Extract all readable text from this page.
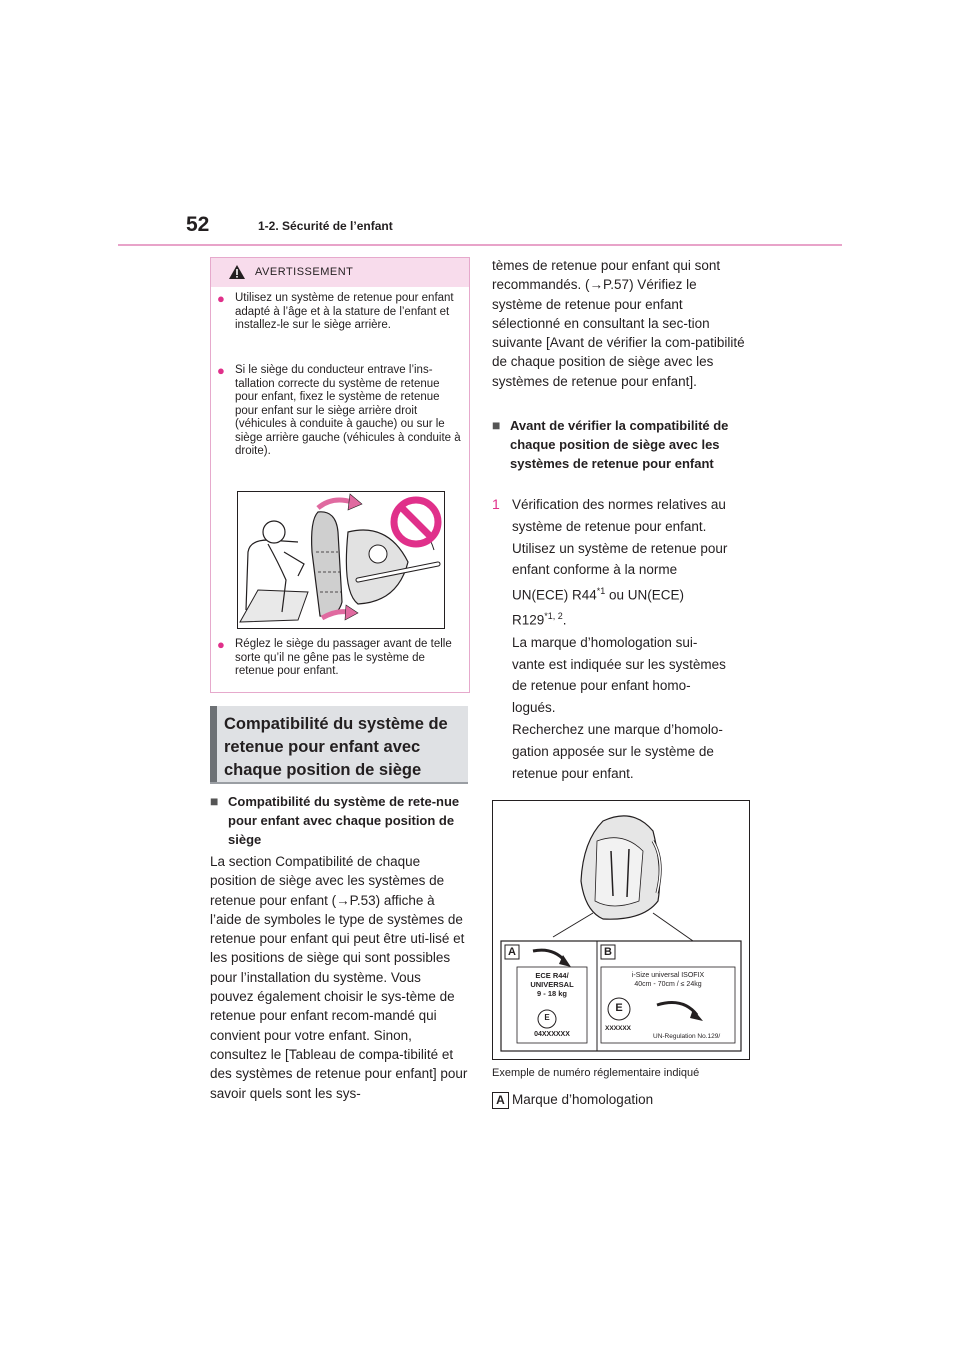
52	1-2. Sécurité de l’enfant
AVERTISSEMENT
● Utilisez un système de retenue pour enfant adapté à l’âge et à la stature de l’enfant et installez-le sur le siège arrière.
● Si le siège du conducteur entrave l’ins-tallation correcte du système de retenue pour enfant, fixez le système de retenue pour enfant sur le siège arrière droit (véhicules à conduite à gauche) ou sur le siège arrière gauche (véhicules à conduite à droite).
● Réglez le siège du passager avant de telle sorte qu’il ne gêne pas le système de retenue pour enfant.
Compatibilité du système de retenue pour enfant avec chaque position de siège
■ Compatibilité du système de rete-nue pour enfant avec chaque position de siège
La section Compatibilité de chaque position de siège avec les systèmes de retenue pour enfant (→P.53) affiche à l’aide de symboles le type de systèmes de retenue pour enfant qui peut être uti-lisé et les positions de siège qui sont possibles pour l’installation du système. Vous pouvez également choisir le sys-tème de retenue pour enfant recom-mandé qui convient pour votre enfant. Sinon, consultez le [Tableau de compa-tibilité et des systèmes de retenue pour enfant] pour savoir quels sont les sys-
tèmes de retenue pour enfant qui sont recommandés. (→P.57) Vérifiez le système de retenue pour enfant sélectionné en consultant la sec-tion suivante [Avant de vérifier la com-patibilité de chaque position de siège avec les systèmes de retenue pour enfant].
■ Avant de vérifier la compatibilité de chaque position de siège avec les systèmes de retenue pour enfant
1 Vérification des normes relatives au
système de retenue pour enfant.
Utilisez un système de retenue pour
enfant conforme à la norme
UN(ECE) R44$^{*1}$ ou UN(ECE)
R129$^{*1, 2}$.
La marque d’homologation sui-
vante est indiquée sur les systèmes
de retenue pour enfant homo-
logués.
Recherchez une marque d’homolo-
gation apposée sur le système de
retenue pour enfant.
A	B
ECE R44/
UNIVERSAL
9 - 18 kg
E
04XXXXXX
i-Size universal ISOFIX
40cm - 70cm / ≤ 24kg
E
XXXXXX
UN-Regulation No.129/
Exemple de numéro réglementaire indiqué
A Marque d’homologation
